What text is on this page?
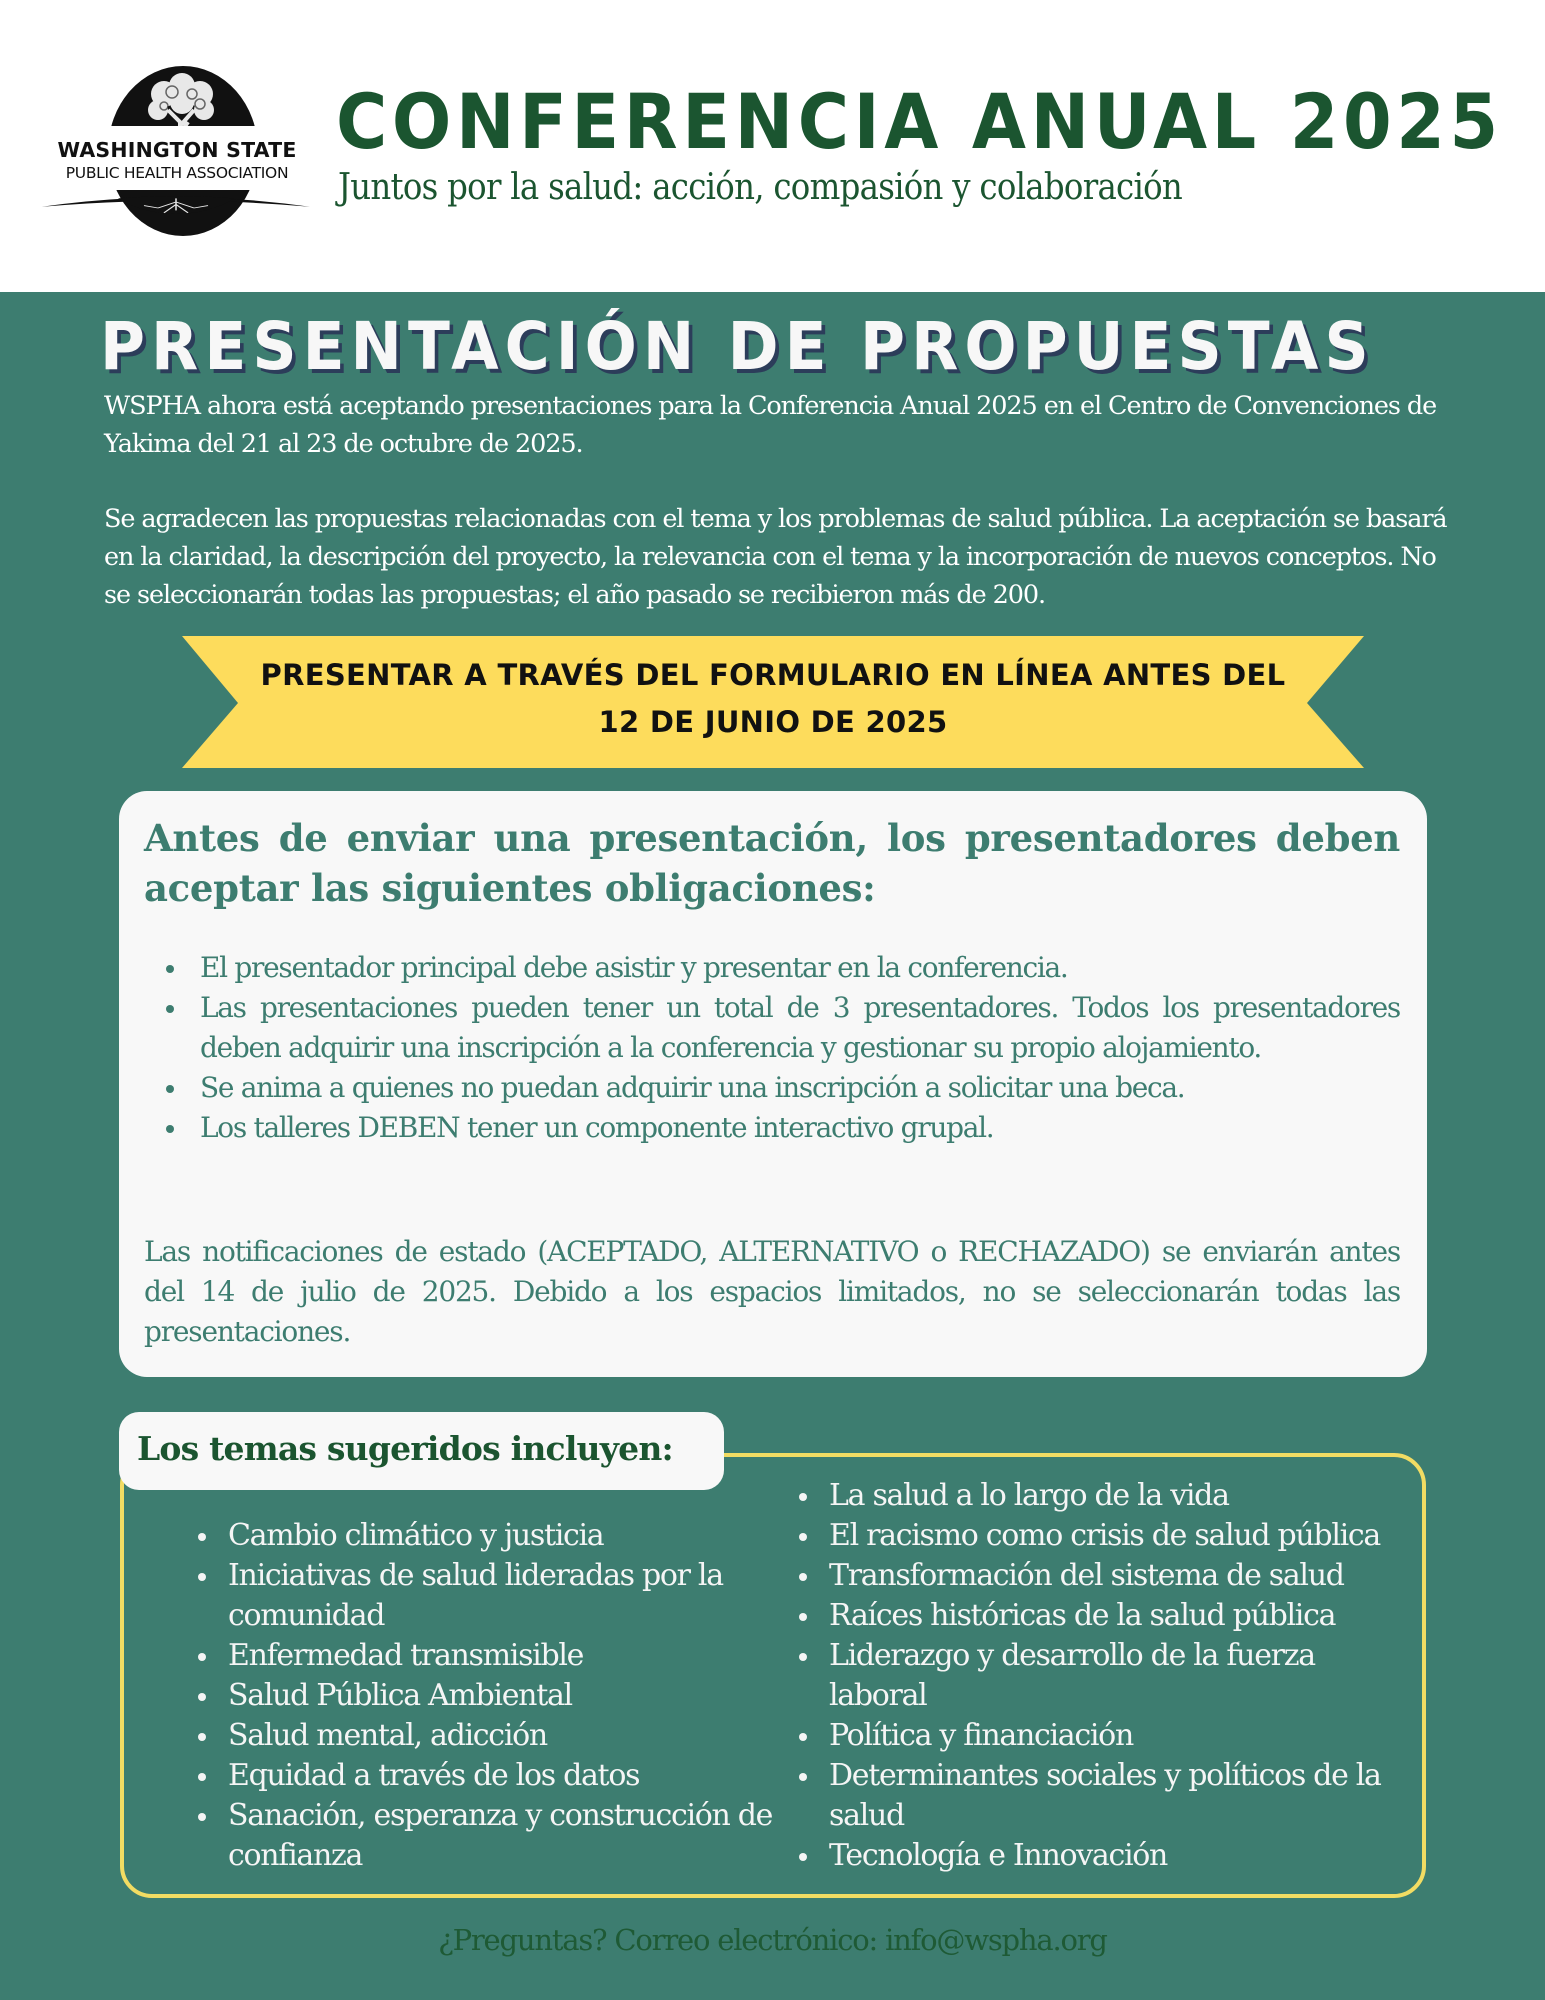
WASHINGTON STATE
PUBLIC HEALTH ASSOCIATION
CONFERENCIA ANUAL 2025
Juntos por la salud: acción, compasión y colaboración
PRESENTACIÓN DE PROPUESTAS
WSPHA ahora está aceptando presentaciones para la Conferencia Anual 2025 en el Centro de Convenciones de Yakima del 21 al 23 de octubre de 2025.
Se agradecen las propuestas relacionadas con el tema y los problemas de salud pública. La aceptación se basará en la claridad, la descripción del proyecto, la relevancia con el tema y la incorporación de nuevos conceptos. No se seleccionarán todas las propuestas; el año pasado se recibieron más de 200.
PRESENTAR A TRAVÉS DEL FORMULARIO EN LÍNEA ANTES DEL 12 DE JUNIO DE 2025
Antes de enviar una presentación, los presentadores deben aceptar las siguientes obligaciones:
El presentador principal debe asistir y presentar en la conferencia.
Las presentaciones pueden tener un total de 3 presentadores. Todos los presentadores deben adquirir una inscripción a la conferencia y gestionar su propio alojamiento.
Se anima a quienes no puedan adquirir una inscripción a solicitar una beca.
Los talleres DEBEN tener un componente interactivo grupal.
Las notificaciones de estado (ACEPTADO, ALTERNATIVO o RECHAZADO) se enviarán antes del 14 de julio de 2025. Debido a los espacios limitados, no se seleccionarán todas las presentaciones.
Los temas sugeridos incluyen:
Cambio climático y justicia
Iniciativas de salud lideradas por la comunidad
Enfermedad transmisible
Salud Pública Ambiental
Salud mental, adicción
Equidad a través de los datos
Sanación, esperanza y construcción de confianza
La salud a lo largo de la vida
El racismo como crisis de salud pública
Transformación del sistema de salud
Raíces históricas de la salud pública
Liderazgo y desarrollo de la fuerza laboral
Política y financiación
Determinantes sociales y políticos de la salud
Tecnología e Innovación
¿Preguntas? Correo electrónico: info@wspha.org
